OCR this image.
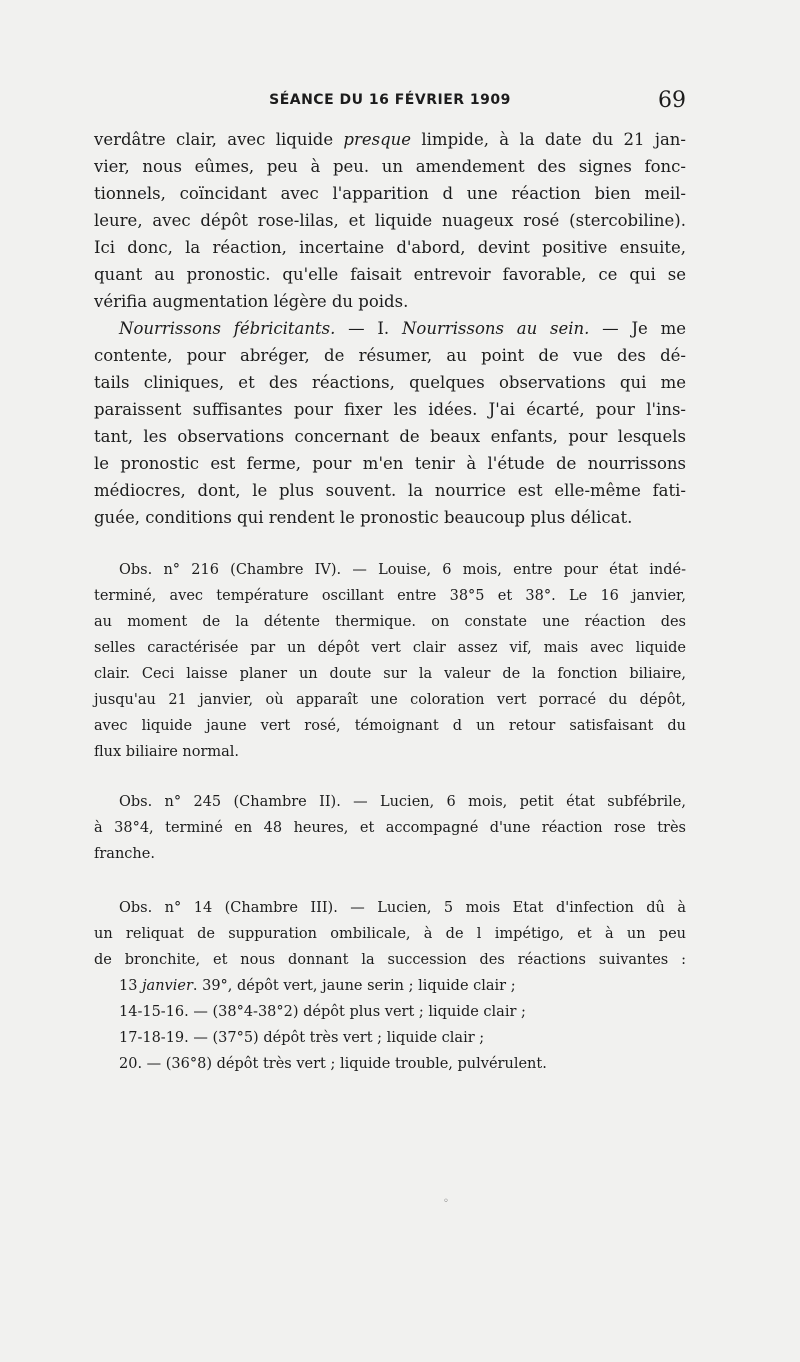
SÉANCE DU 16 FÉVRIER 1909	69
verdâtre clair, avec liquide presque limpide, à la date du 21 jan-
vier, nous eûmes, peu à peu. un amendement des signes fonc-
tionnels, coïncidant avec l'apparition d une réaction bien meil-
leure, avec dépôt rose-lilas, et liquide nuageux rosé (stercobiline).
Ici donc, la réaction, incertaine d'abord, devint positive ensuite,
quant au pronostic. qu'elle faisait entrevoir favorable, ce qui se
vérifia augmentation légère du poids.
Nourrissons fébricitants. — I. Nourrissons au sein. — Je me
contente, pour abréger, de résumer, au point de vue des dé-
tails cliniques, et des réactions, quelques observations qui me
paraissent suffisantes pour fixer les idées. J'ai écarté, pour l'ins-
tant, les observations concernant de beaux enfants, pour lesquels
le pronostic est ferme, pour m'en tenir à l'étude de nourrissons
médiocres, dont, le plus souvent. la nourrice est elle-même fati-
guée, conditions qui rendent le pronostic beaucoup plus délicat.
Obs. n° 216 (Chambre IV). — Louise, 6 mois, entre pour état indé-
terminé, avec température oscillant entre 38°5 et 38°. Le 16 janvier,
au moment de la détente thermique. on constate une réaction des
selles caractérisée par un dépôt vert clair assez vif, mais avec liquide
clair. Ceci laisse planer un doute sur la valeur de la fonction biliaire,
jusqu'au 21 janvier, où apparaît une coloration vert porracé du dépôt,
avec liquide jaune vert rosé, témoignant d un retour satisfaisant du
flux biliaire normal.
Obs. n° 245 (Chambre II). — Lucien, 6 mois, petit état subfébrile,
à 38°4, terminé en 48 heures, et accompagné d'une réaction rose très
franche.
Obs. n° 14 (Chambre III). — Lucien, 5 mois Etat d'infection dû à
un reliquat de suppuration ombilicale, à de l impétigo, et à un peu
de bronchite, et nous donnant la succession des réactions suivantes :
13 janvier. 39°, dépôt vert, jaune serin ; liquide clair ;
14-15-16. — (38°4-38°2) dépôt plus vert ; liquide clair ;
17-18-19. — (37°5) dépôt très vert ; liquide clair ;
20. — (36°8) dépôt très vert ; liquide trouble, pulvérulent.
◦
